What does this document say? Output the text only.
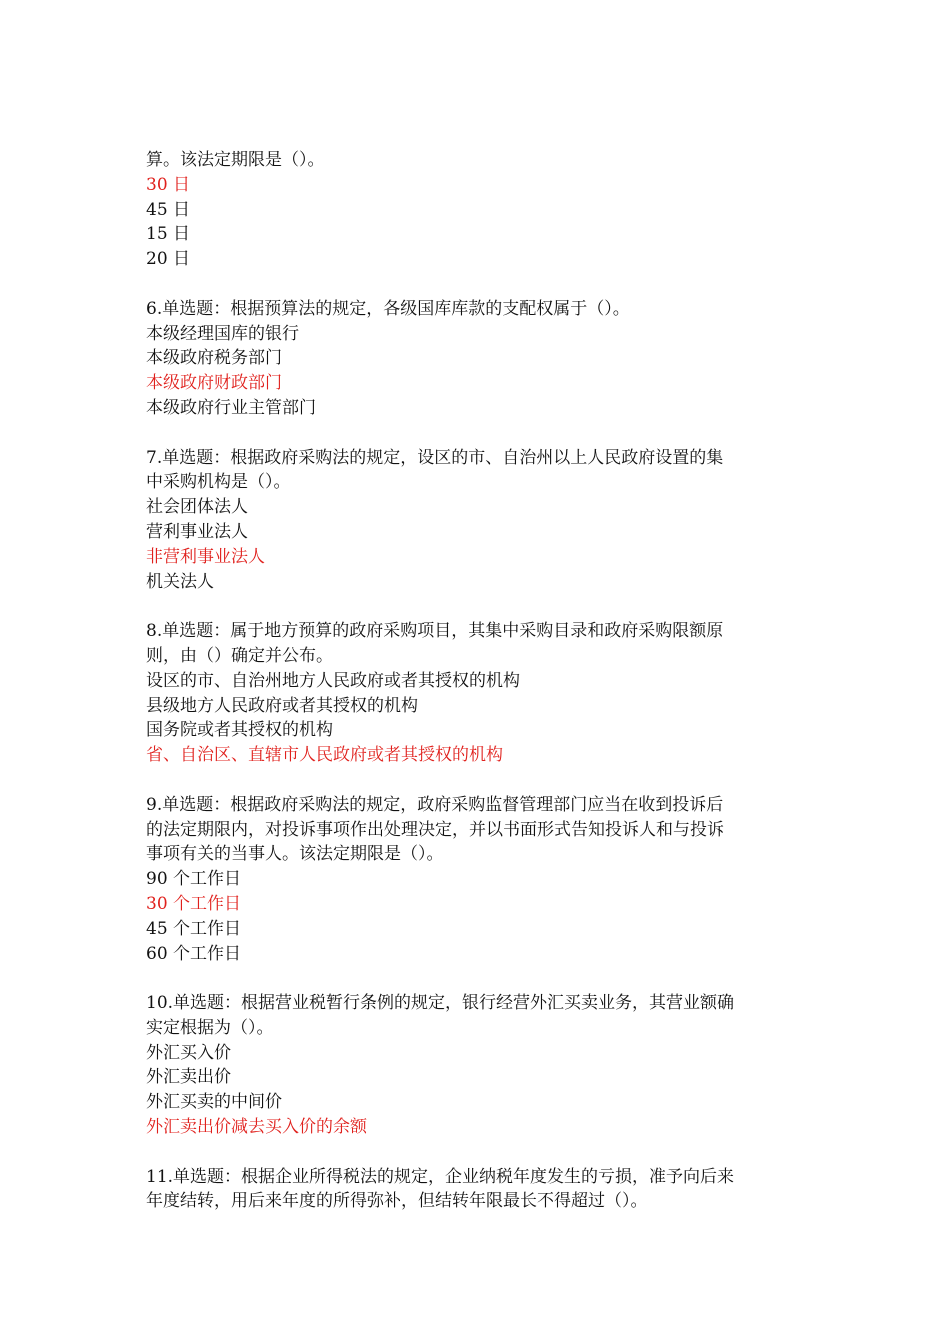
算。该法定期限是（）。
30 日
45 日
15 日
20 日
6.单选题：根据预算法的规定，各级国库库款的支配权属于（）。
本级经理国库的银行
本级政府税务部门
本级政府财政部门
本级政府行业主管部门
7.单选题：根据政府采购法的规定，设区的市、自治州以上人民政府设置的集
中采购机构是（）。
社会团体法人
营利事业法人
非营利事业法人
机关法人
8.单选题：属于地方预算的政府采购项目，其集中采购目录和政府采购限额原
则，由（）确定并公布。
设区的市、自治州地方人民政府或者其授权的机构
县级地方人民政府或者其授权的机构
国务院或者其授权的机构
省、自治区、直辖市人民政府或者其授权的机构
9.单选题：根据政府采购法的规定，政府采购监督管理部门应当在收到投诉后
的法定期限内，对投诉事项作出处理决定，并以书面形式告知投诉人和与投诉
事项有关的当事人。该法定期限是（）。
90 个工作日
30 个工作日
45 个工作日
60 个工作日
10.单选题：根据营业税暂行条例的规定，银行经营外汇买卖业务，其营业额确
实定根据为（）。
外汇买入价
外汇卖出价
外汇买卖的中间价
外汇卖出价减去买入价的余额
11.单选题：根据企业所得税法的规定，企业纳税年度发生的亏损，准予向后来
年度结转，用后来年度的所得弥补，但结转年限最长不得超过（）。
